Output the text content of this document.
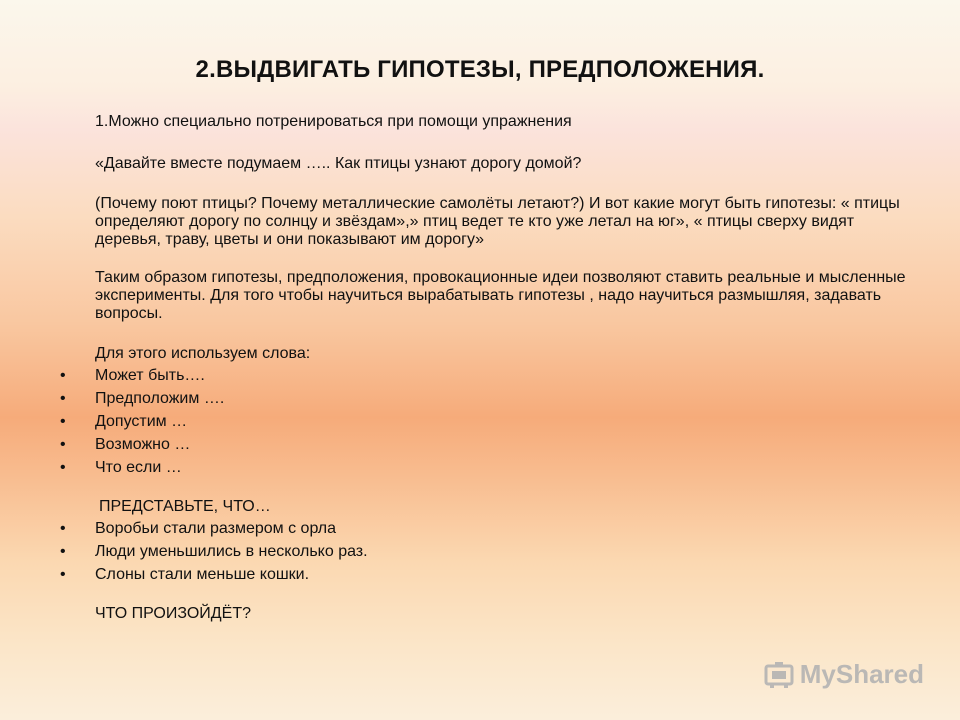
2.ВЫДВИГАТЬ ГИПОТЕЗЫ, ПРЕДПОЛОЖЕНИЯ.

1.Можно специально потренироваться при помощи упражнения

«Давайте вместе подумаем ….. Как птицы узнают дорогу домой?

(Почему поют птицы? Почему металлические самолёты летают?) И вот какие могут быть гипотезы: « птицы определяют дорогу по солнцу и звёздам»,» птиц ведет те кто уже летал на юг», « птицы сверху видят деревья, траву, цветы и они показывают им дорогу»

Таким образом гипотезы, предположения, провокационные идеи позволяют ставить реальные и мысленные эксперименты. Для того чтобы научиться вырабатывать гипотезы , надо научиться размышляя, задавать вопросы.

Для этого используем слова:

• Может быть….
• Предположим ….
• Допустим …
• Возможно …
• Что если …

ПРЕДСТАВЬТЕ, ЧТО…

• Воробьи стали размером с орла
• Люди уменьшились в несколько раз.
• Слоны стали меньше кошки.

ЧТО ПРОИЗОЙДЁТ?

MyShared
